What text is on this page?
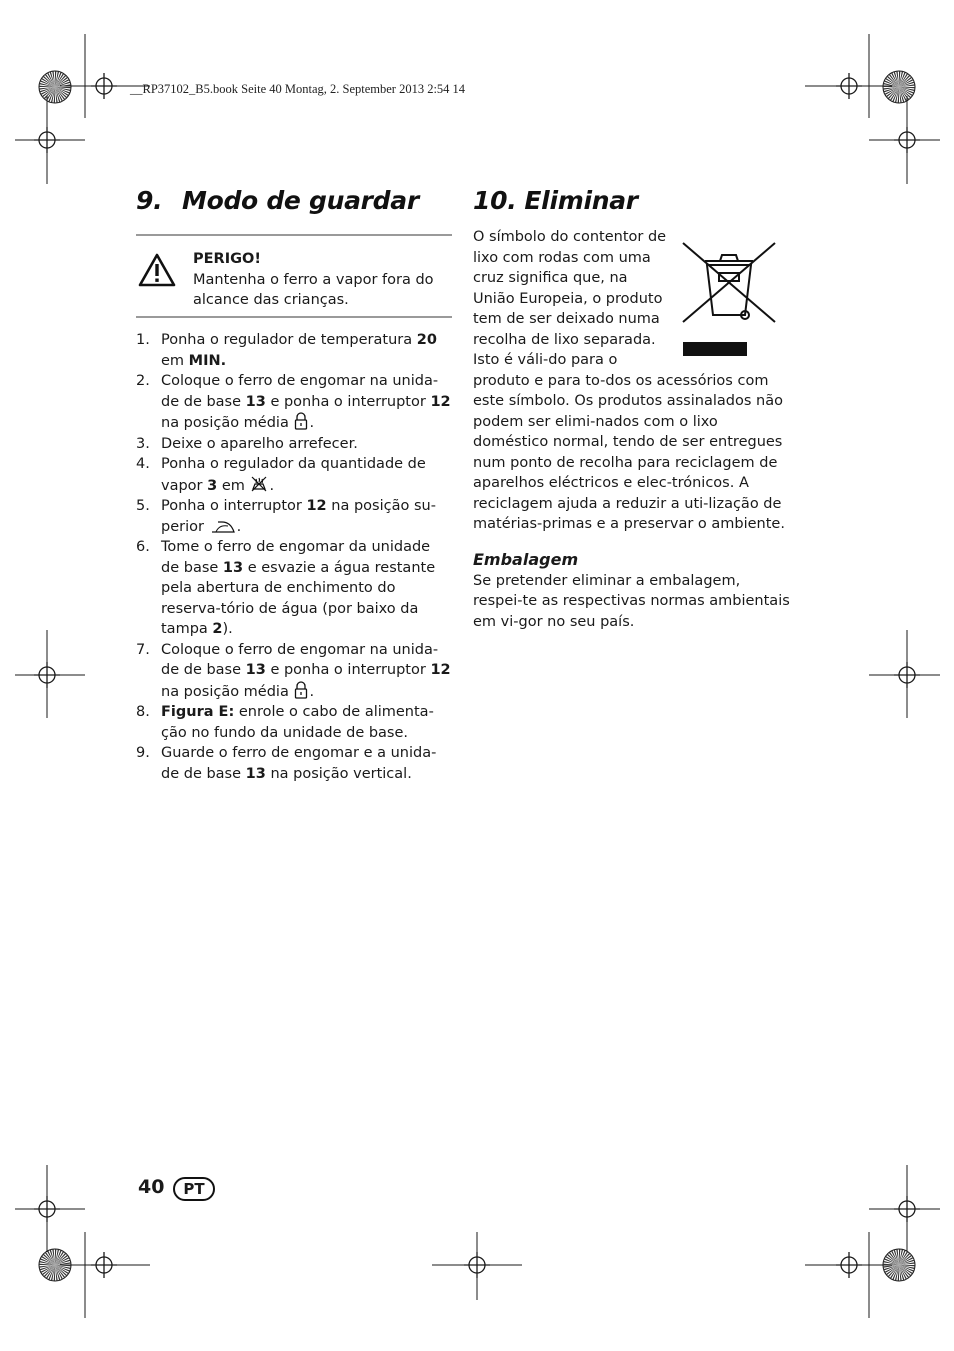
__RP37102_B5.book Seite 40 Montag, 2. September 2013 2:54 14
9. Modo de guardar
PERIGO!
Mantenha o ferro a vapor fora do alcance das crianças.
1. Ponha o regulador de temperatura 20 em MIN.
2. Coloque o ferro de engomar na unida-de de base 13 e ponha o interruptor 12 na posição média .
3. Deixe o aparelho arrefecer.
4. Ponha o regulador da quantidade de vapor 3 em .
5. Ponha o interruptor 12 na posição su-perior .
6. Tome o ferro de engomar da unidade de base 13 e esvazie a água restante pela abertura de enchimento do reserva-tório de água (por baixo da tampa 2).
7. Coloque o ferro de engomar na unida-de de base 13 e ponha o interruptor 12 na posição média .
8. Figura E: enrole o cabo de alimenta-ção no fundo da unidade de base.
9. Guarde o ferro de engomar e a unida-de de base 13 na posição vertical.
10. Eliminar

O símbolo do contentor de lixo com rodas com uma cruz significa que, na União Europeia, o produto tem de ser deixado numa recolha de lixo separada. Isto é váli-do para o produto e para to-dos os acessórios com este símbolo. Os produtos assinalados não podem ser elimi-nados com o lixo doméstico normal, tendo de ser entregues num ponto de recolha para reciclagem de aparelhos eléctricos e elec-trónicos. A reciclagem ajuda a reduzir a uti-lização de matérias-primas e a preservar o ambiente.

Embalagem

Se pretender eliminar a embalagem, respei-te as respectivas normas ambientais em vi-gor no seu país.

40	PT
